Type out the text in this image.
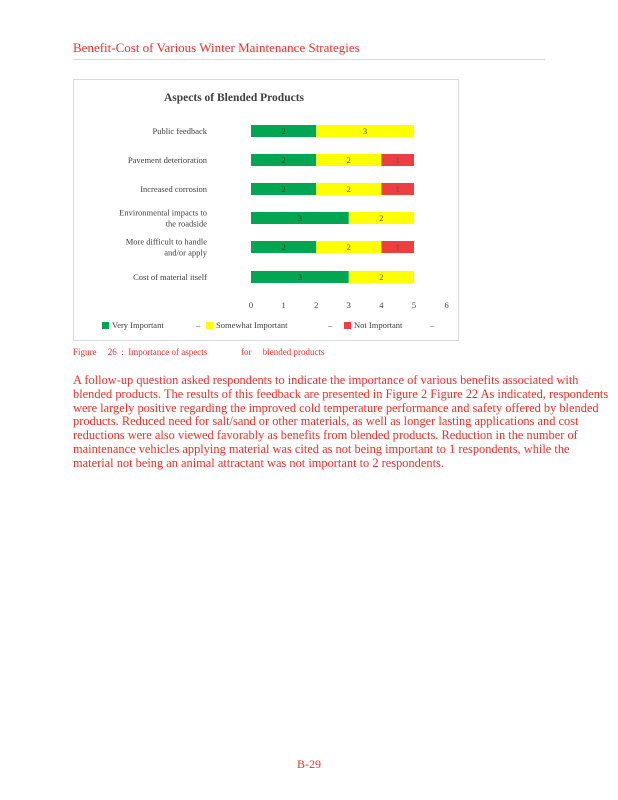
Benefit-Cost of Various Winter Maintenance Strategies
Aspects of Blended Products
Public feedback	2	3
Pavement deterioration	2	2	1
Increased corrosion	2	2	1
Environmental impacts to the roadside
3	2
More difficult to handle and/or apply
2	2	1
Cost of material itself	3	2
0	1	2	3	4	5	6
Very Important	– Somewhat Important	–	Not Important	–
Figure     26  :  Importance of aspects               for     blended products

A follow-up question asked respondents to indicate the importance of various benefits associated with blended products. The results of this feedback are presented in Figure 2 Figure 22 As indicated, respondents were largely positive regarding the improved cold temperature performance and safety offered by blended products. Reduced need for salt/sand or other materials, as well as longer lasting applications and cost reductions were also viewed favorably as benefits from blended products. Reduction in the number of maintenance vehicles applying material was cited as not being important to 1 respondents, while the material not being an animal attractant was not important to 2 respondents.

B-29
